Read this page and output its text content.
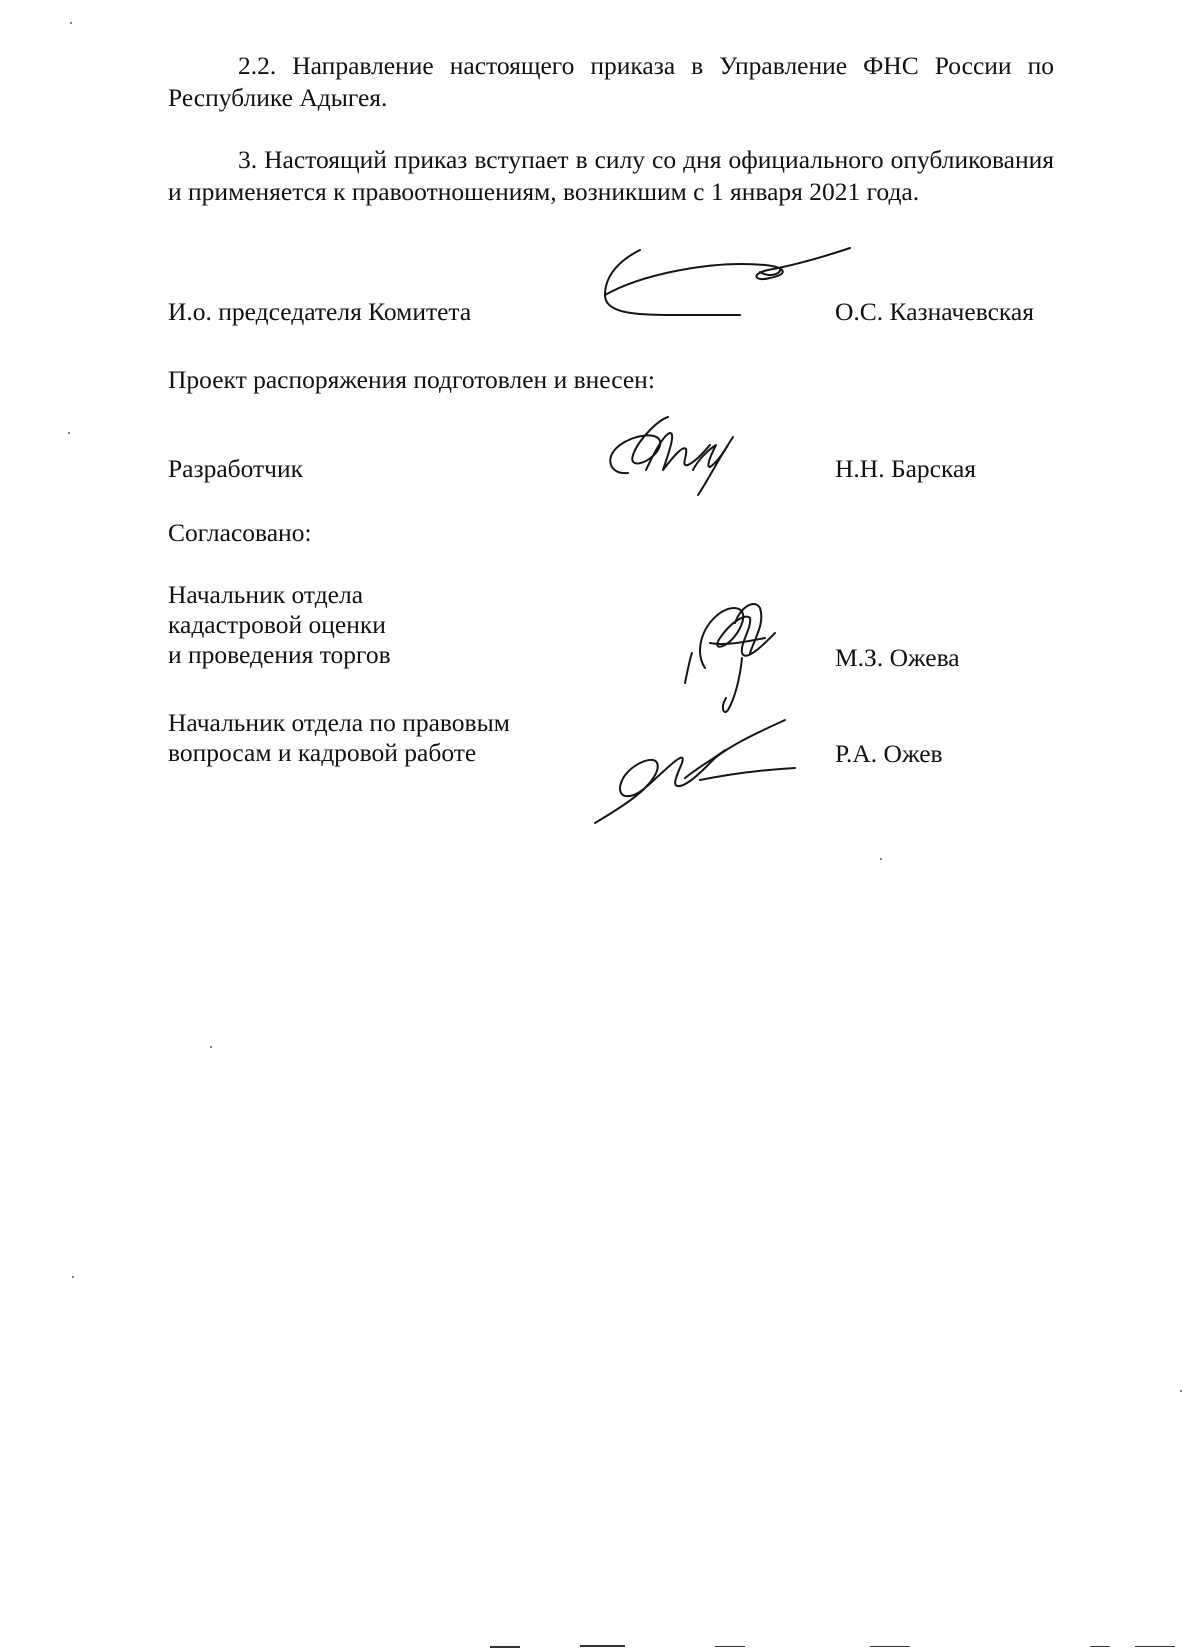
2.2. Направление настоящего приказа в Управление ФНС России по Республике Адыгея.
3. Настоящий приказ вступает в силу со дня официального опубликования и применяется к правоотношениям, возникшим с 1 января 2021 года.
И.о. председателя Комитета	О.С. Казначевская
Проект распоряжения подготовлен и внесен:
Разработчик	Н.Н. Барская
Согласовано:
Начальник отдела
кадастровой оценки
и проведения торгов	М.З. Ожева
Начальник отдела по правовым
вопросам и кадровой работе	Р.А. Ожев
